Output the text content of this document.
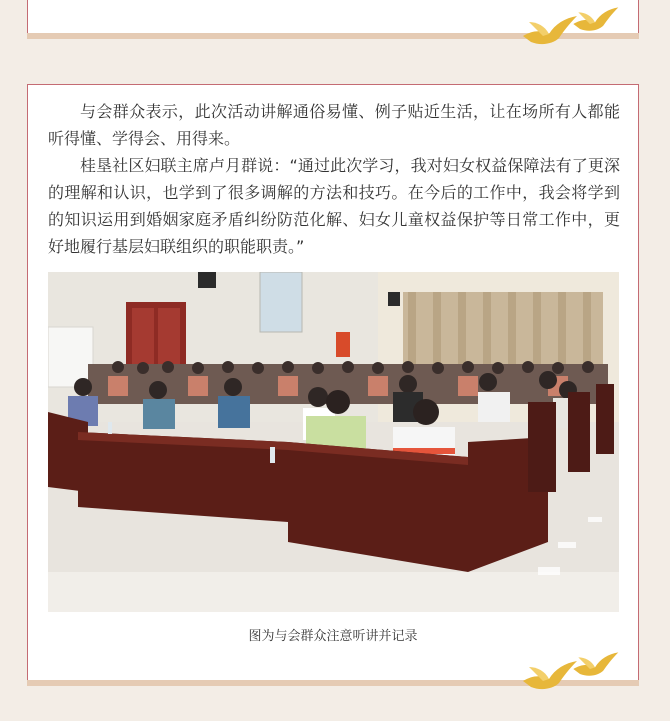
与会群众表示，此次活动讲解通俗易懂、例子贴近生活，让在场所有人都能听得懂、学得会、用得来。

桂垦社区妇联主席卢月群说：“通过此次学习，我对妇女权益保障法有了更深的理解和认识，也学到了很多调解的方法和技巧。在今后的工作中，我会将学到的知识运用到婚姻家庭矛盾纠纷防范化解、妇女儿童权益保护等日常工作中，更好地履行基层妇联组织的职能职责。”

图为与会群众注意听讲并记录
